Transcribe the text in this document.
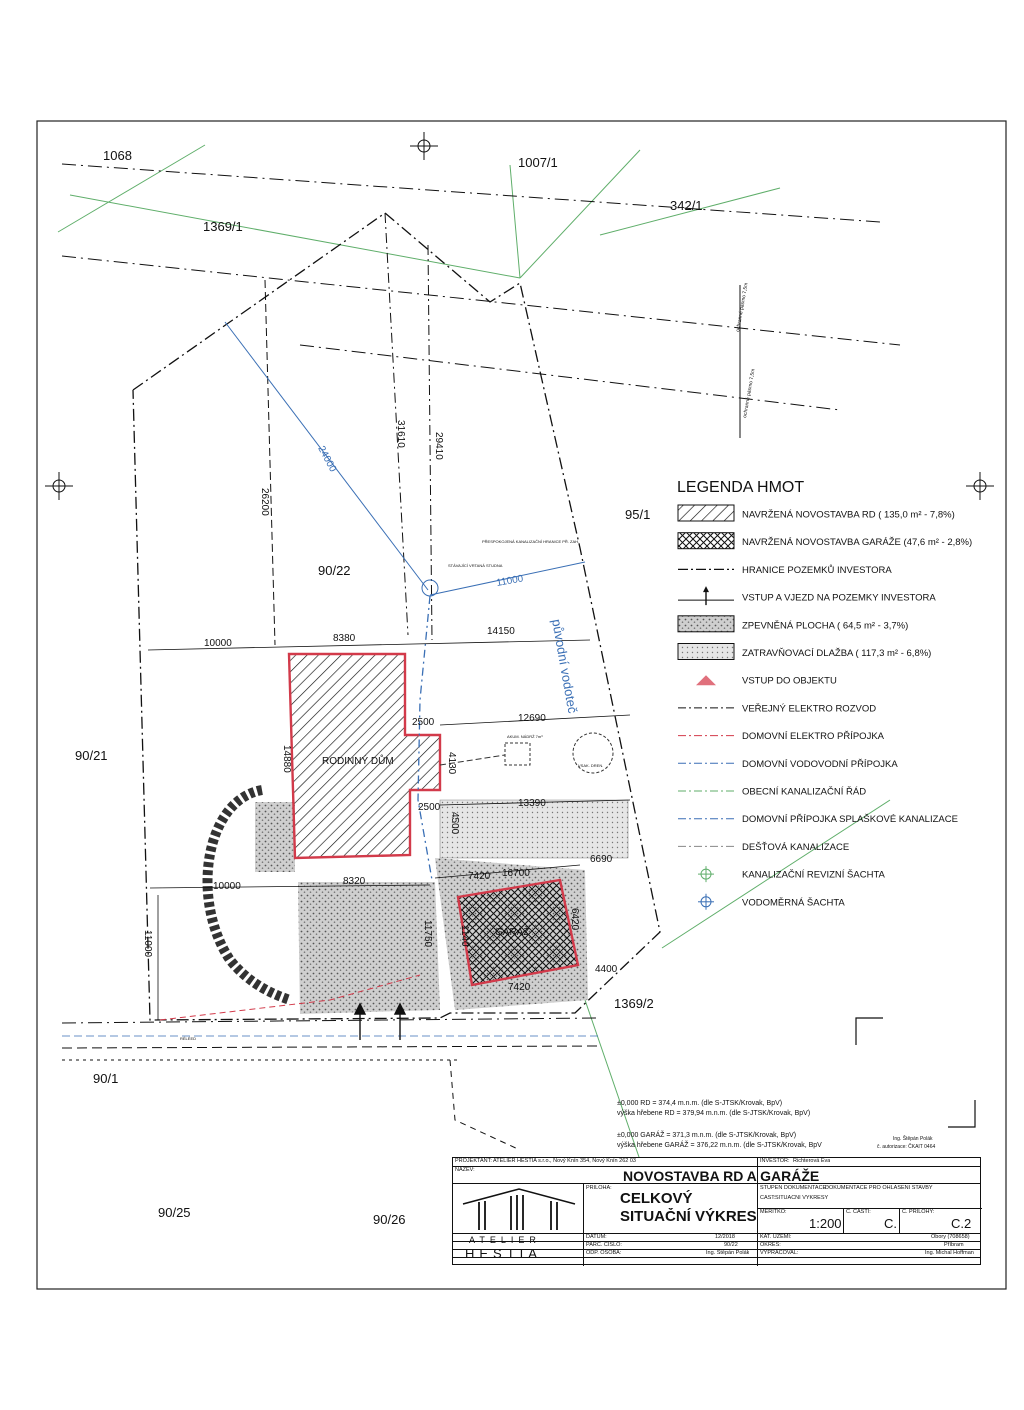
1068	1007/1
342/1
1369/1
95/1
90/22
90/21
1369/2
90/1
90/25	90/26
24000
26200
31610	29410
11000
10000	8380
14150
2500	12690
14880	4130
2500	13390
4500
6690
10000	8320	7420 16700
11000	11750
6420
1140
4400
7420
RODINNÝ DŮM
GARÁŽ
původní vodoteč
STÁVAJÍCÍ VRTANÁ STUDNA
AKUM. NÁDRŽ 7m³
VSAK. DREN.
PŘESPOKOJENÁ KANALIZAČNÍ HRANICE PŘ. ZAH.
ochranné pásmo 7,5m
ochranné pásmo 7,5m
RÉLÉED
LEGENDA HMOT
NAVRŽENÁ NOVOSTAVBA RD ( 135,0 m² - 7,8%)
NAVRŽENÁ NOVOSTAVBA GARÁŽE (47,6 m² - 2,8%)
HRANICE POZEMKŮ INVESTORA
VSTUP A VJEZD NA POZEMKY INVESTORA
ZPEVNĚNÁ PLOCHA ( 64,5 m² - 3,7%)
ZATRAVŇOVACÍ DLAŽBA ( 117,3 m² - 6,8%)
VSTUP DO OBJEKTU
VEŘEJNÝ ELEKTRO ROZVOD
DOMOVNÍ ELEKTRO PŘÍPOJKA
DOMOVNÍ VODOVODNÍ PŘÍPOJKA
OBECNÍ KANALIZAČNÍ ŘÁD
DOMOVNÍ PŘÍPOJKA SPLAŠKOVÉ KANALIZACE
DEŠŤOVÁ KANALIZACE
KANALIZAČNÍ REVIZNÍ ŠACHTA
VODOMĚRNÁ ŠACHTA
±0,000 RD = 374,4 m.n.m. (dle S-JTSK/Krovak, BpV)
výška hřebene RD = 379,94 m.n.m. (dle S-JTSK/Krovak, BpV)
±0,000 GARÁŽ = 371,3 m.n.m. (dle S-JTSK/Krovak, BpV)
výška hřebene GARÁŽ = 376,22 m.n.m. (dle S-JTSK/Krovak, BpV
Ing. Štěpán Polák
č. autorizace: ČKAIT 0464
PROJEKTANT: ATELIER HESTIA s.r.o., Nový Knín 354, Nový Knín 262 03	INVESTOR: Richterová Eva
NÁZEV:	NOVOSTAVBA RD A GARÁŽE
PŘÍLOHA:
CELKOVÝ
SITUAČNÍ VÝKRES
STUPEŇ DOKUMENTACE:
DOKUMENTACE PRO OHLÁŠENÍ STAVBY
ČÁST: SITUAČNÍ VÝKRESY
MĚŘÍTKO:
1:200
Č. ČÁSTI:
C.
Č. PŘÍLOHY:
C.2
DATUM:	12/2018	KAT. ÚZEMÍ:	Obory (708658)
PARC. ČÍSLO:	90/22	OKRES:	Příbram
ODP. OSOBA:	Ing. Štěpán Polák VYPRACOVAL:	Ing. Michal Hoffman
ATELIER
HESTIA
